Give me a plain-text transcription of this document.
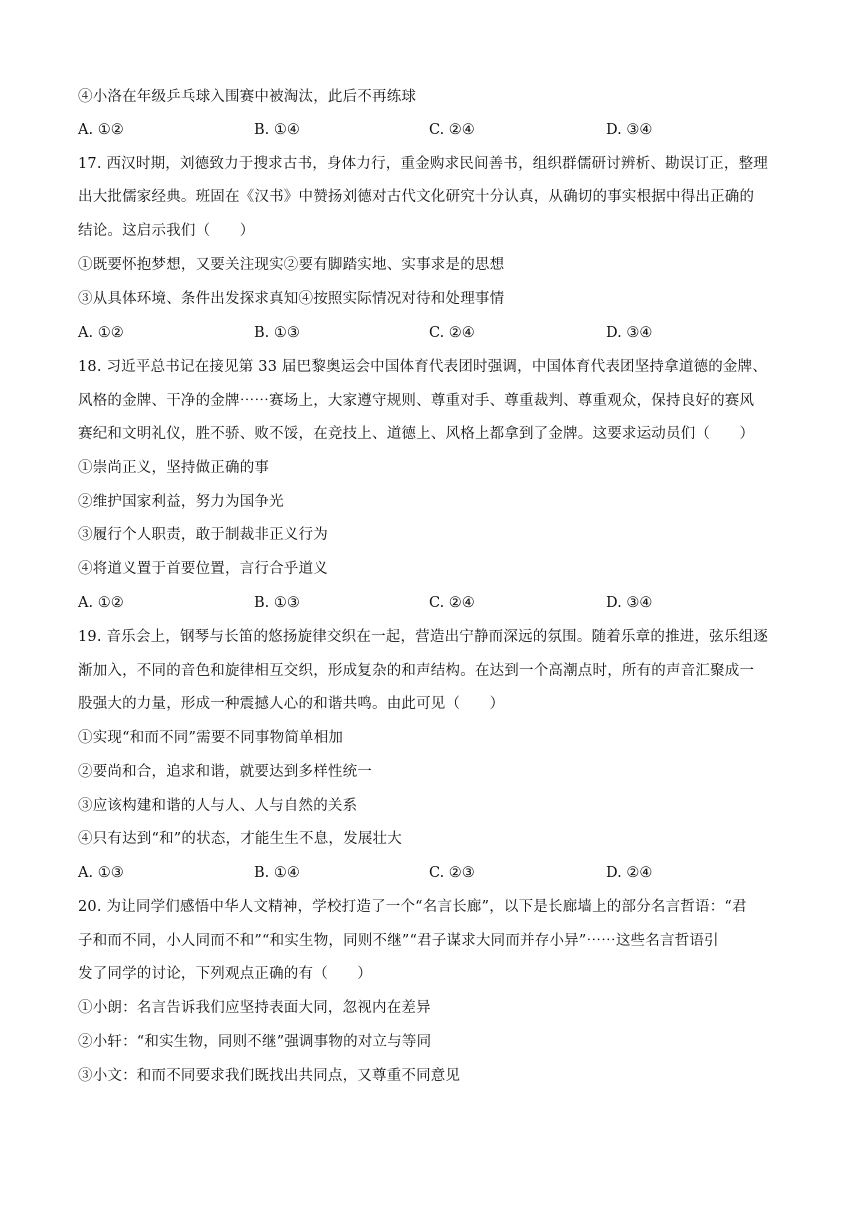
④小洛在年级乒乓球入围赛中被淘汰，此后不再练球
A. ①②	B. ①④	C. ②④	D. ③④
17. 西汉时期，刘德致力于搜求古书，身体力行，重金购求民间善书，组织群儒研讨辨析、勘误订正，整理
出大批儒家经典。班固在《汉书》中赞扬刘德对古代文化研究十分认真，从确切的事实根据中得出正确的
结论。这启示我们（　　）
①既要怀抱梦想，又要关注现实②要有脚踏实地、实事求是的思想
③从具体环境、条件出发探求真知④按照实际情况对待和处理事情
A. ①②	B. ①③	C. ②④	D. ③④
18. 习近平总书记在接见第 33 届巴黎奥运会中国体育代表团时强调，中国体育代表团坚持拿道德的金牌、
风格的金牌、干净的金牌⋯⋯赛场上，大家遵守规则、尊重对手、尊重裁判、尊重观众，保持良好的赛风
赛纪和文明礼仪，胜不骄、败不馁，在竞技上、道德上、风格上都拿到了金牌。这要求运动员们（　　）
①崇尚正义，坚持做正确的事
②维护国家利益，努力为国争光
③履行个人职责，敢于制裁非正义行为
④将道义置于首要位置，言行合乎道义
A. ①②	B. ①③	C. ②④	D. ③④
19. 音乐会上，钢琴与长笛的悠扬旋律交织在一起，营造出宁静而深远的氛围。随着乐章的推进，弦乐组逐
渐加入，不同的音色和旋律相互交织，形成复杂的和声结构。在达到一个高潮点时，所有的声音汇聚成一
股强大的力量，形成一种震撼人心的和谐共鸣。由此可见（　　）
①实现“和而不同”需要不同事物简单相加
②要尚和合，追求和谐，就要达到多样性统一
③应该构建和谐的人与人、人与自然的关系
④只有达到“和”的状态，才能生生不息，发展壮大
A. ①③	B. ①④	C. ②③	D. ②④
20. 为让同学们感悟中华人文精神，学校打造了一个“名言长廊”，以下是长廊墙上的部分名言哲语：“君
子和而不同，小人同而不和”“和实生物，同则不继”“君子谋求大同而并存小异”⋯⋯这些名言哲语引
发了同学的讨论，下列观点正确的有（　　）
①小朗：名言告诉我们应坚持表面大同，忽视内在差异
②小轩：“和实生物，同则不继”强调事物的对立与等同
③小文：和而不同要求我们既找出共同点，又尊重不同意见
